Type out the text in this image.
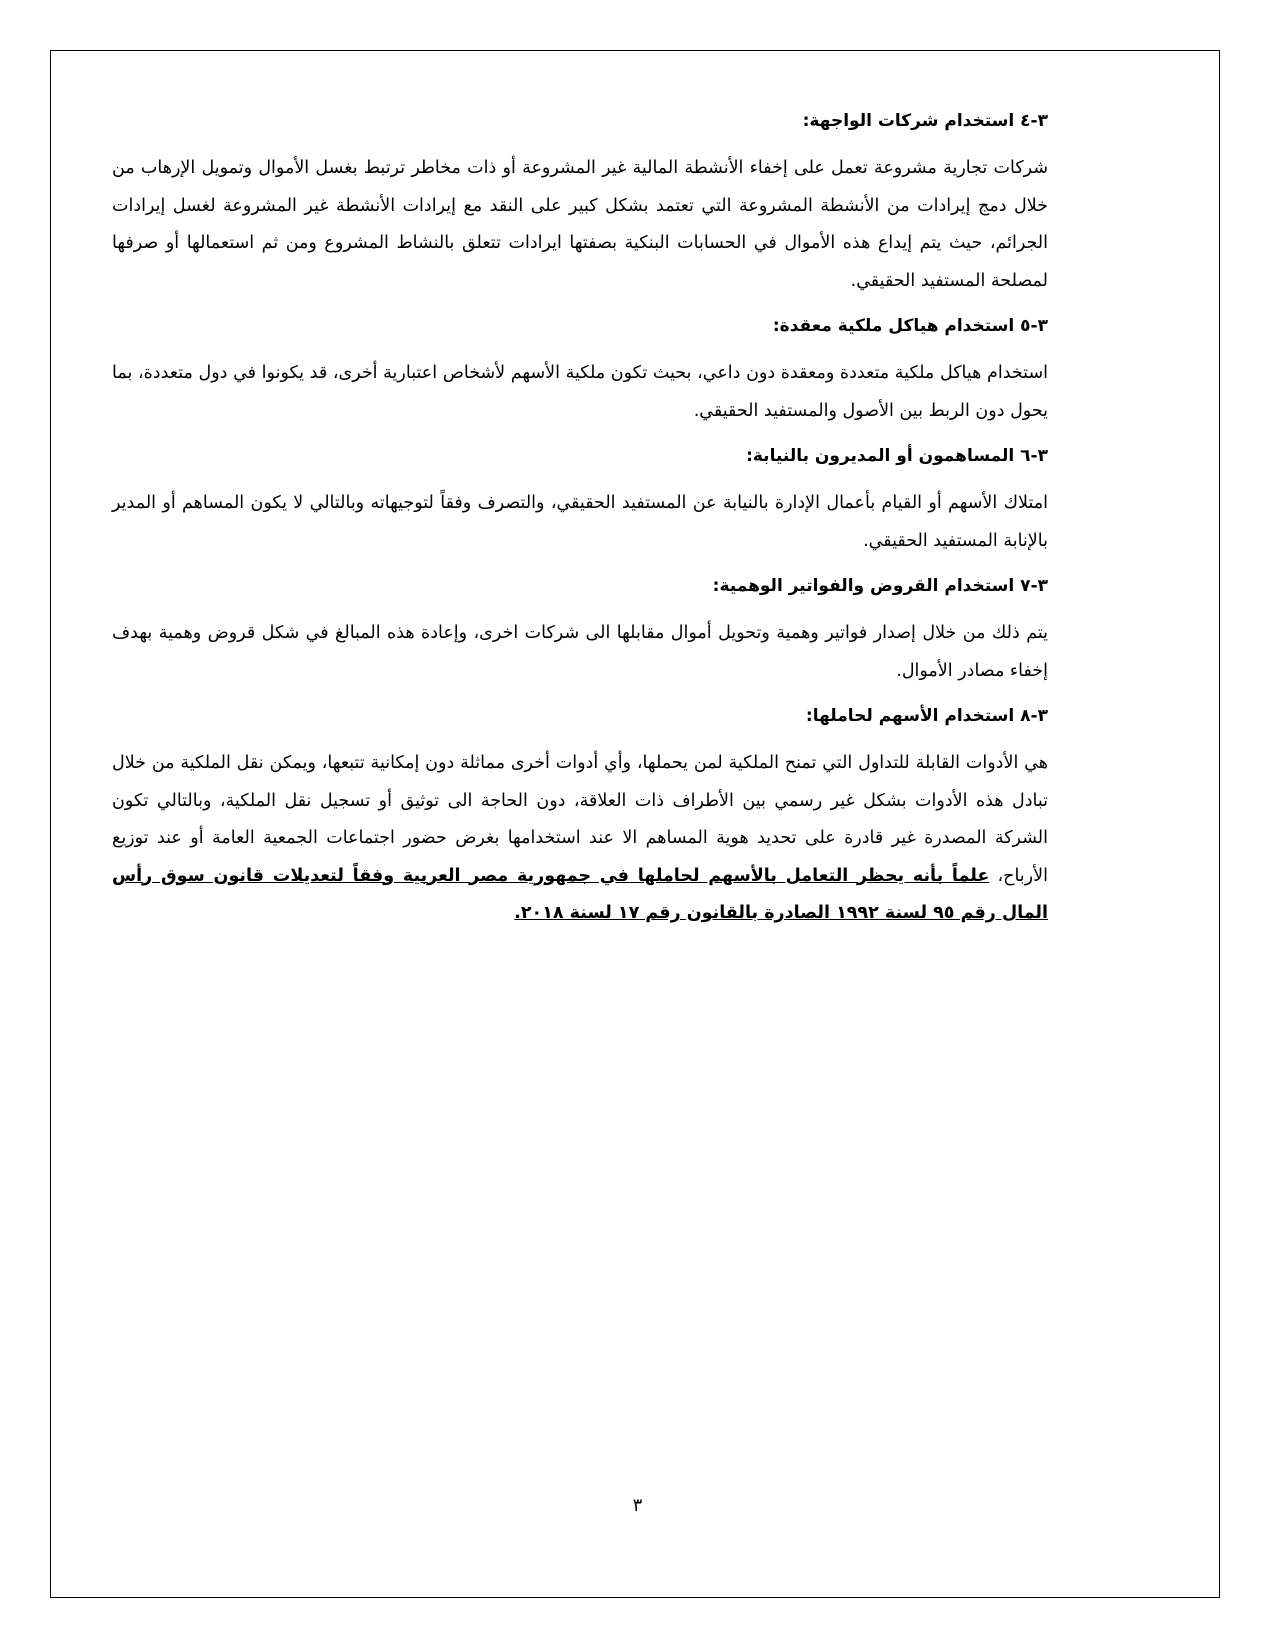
٣-٤ استخدام شركات الواجهة:

شركات تجارية مشروعة تعمل على إخفاء الأنشطة المالية غير المشروعة أو ذات مخاطر ترتبط بغسل الأموال وتمويل الإرهاب من خلال دمج إيرادات من الأنشطة المشروعة التي تعتمد بشكل كبير على النقد مع إيرادات الأنشطة غير المشروعة لغسل إيرادات الجرائم، حيث يتم إيداع هذه الأموال في الحسابات البنكية بصفتها ايرادات تتعلق بالنشاط المشروع ومن ثم استعمالها أو صرفها لمصلحة المستفيد الحقيقي.

٣-٥ استخدام هياكل ملكية معقدة:

استخدام هياكل ملكية متعددة ومعقدة دون داعي، بحيث تكون ملكية الأسهم لأشخاص اعتبارية أخرى، قد يكونوا في دول متعددة، بما يحول دون الربط بين الأصول والمستفيد الحقيقي.

٣-٦ المساهمون أو المديرون بالنيابة:

امتلاك الأسهم أو القيام بأعمال الإدارة بالنيابة عن المستفيد الحقيقي، والتصرف وفقاً لتوجيهاته وبالتالي لا يكون المساهم أو المدير بالإنابة المستفيد الحقيقي.

٣-٧ استخدام القروض والفواتير الوهمية:

يتم ذلك من خلال إصدار فواتير وهمية وتحويل أموال مقابلها الى شركات اخرى، وإعادة هذه المبالغ في شكل قروض وهمية بهدف إخفاء مصادر الأموال.

٣-٨ استخدام الأسهم لحاملها:

هي الأدوات القابلة للتداول التي تمنح الملكية لمن يحملها، وأي أدوات أخرى مماثلة دون إمكانية تتبعها، ويمكن نقل الملكية من خلال تبادل هذه الأدوات بشكل غير رسمي بين الأطراف ذات العلاقة، دون الحاجة الى توثيق أو تسجيل نقل الملكية، وبالتالي تكون الشركة المصدرة غير قادرة على تحديد هوية المساهم الا عند استخدامها بغرض حضور اجتماعات الجمعية العامة أو عند توزيع الأرباح، علماً بأنه يحظر التعامل بالأسهم لحاملها في جمهورية مصر العربية وفقاً لتعديلات قانون سوق رأس المال رقم ٩٥ لسنة ١٩٩٢ الصادرة بالقانون رقم ١٧ لسنة ٢٠١٨.

٣
